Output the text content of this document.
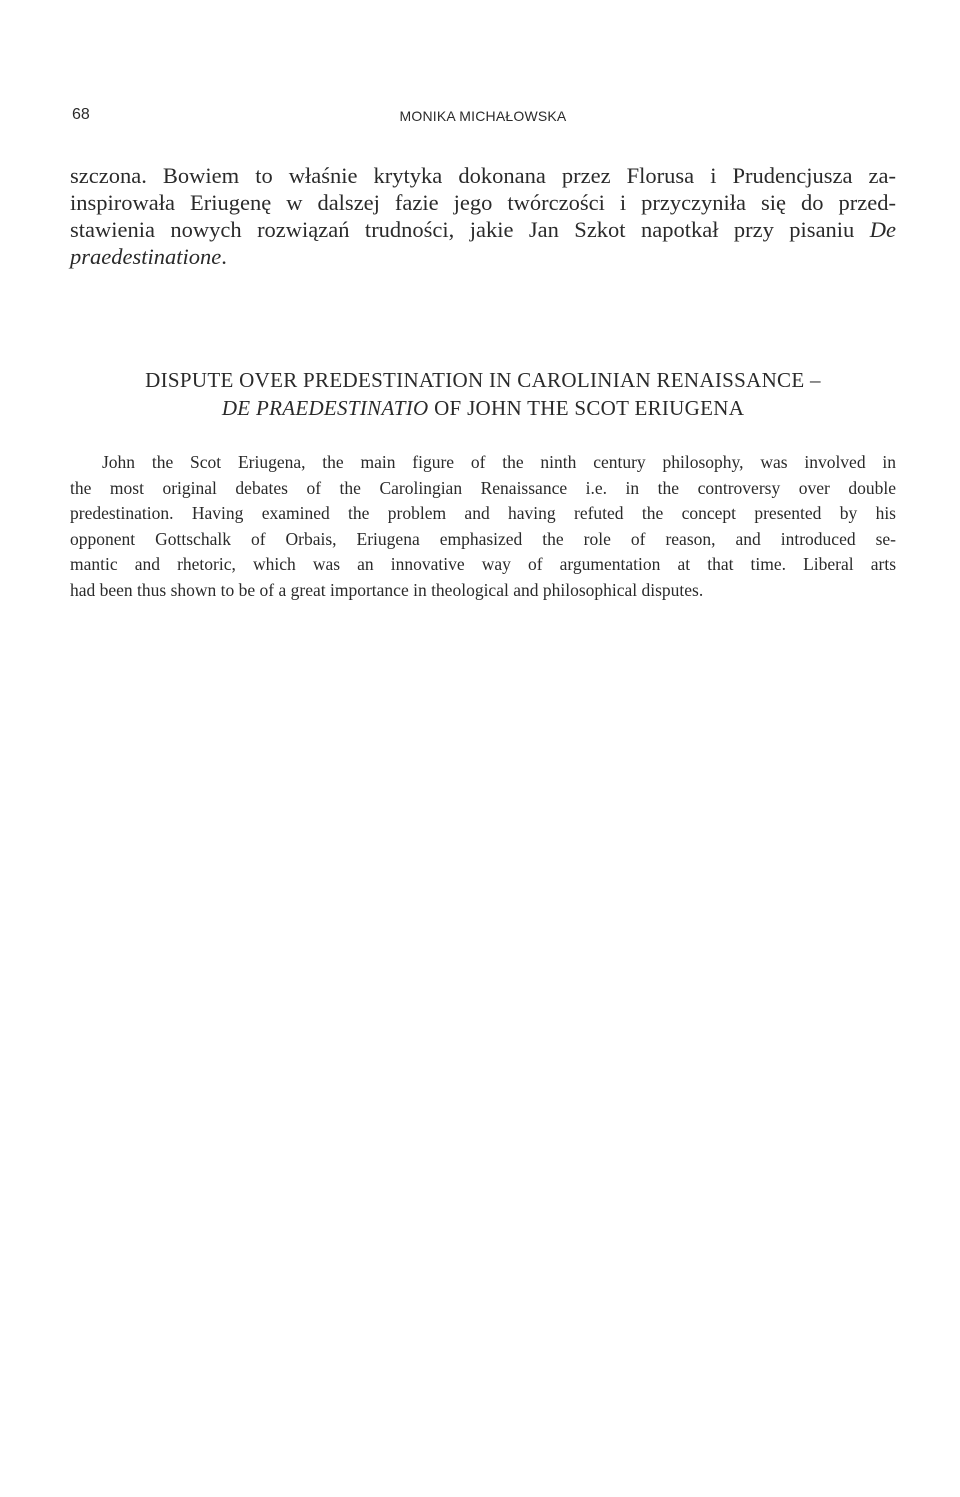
68	MONIKA MICHAŁOWSKA
szczona. Bowiem to właśnie krytyka dokonana przez Florusa i Prudencjusza za-
inspirowała Eriugenę w dalszej fazie jego twórczości i przyczyniła się do przed-
stawienia nowych rozwiązań trudności, jakie Jan Szkot napotkał przy pisaniu De
praedestinatione.
DISPUTE OVER PREDESTINATION IN CAROLINIAN RENAISSANCE –
DE PRAEDESTINATIO OF JOHN THE SCOT ERIUGENA
John the Scot Eriugena, the main figure of the ninth century philosophy, was involved in
the most original debates of the Carolingian Renaissance i.e. in the controversy over double
predestination. Having examined the problem and having refuted the concept presented by his
opponent Gottschalk of Orbais, Eriugena emphasized the role of reason, and introduced se-
mantic and rhetoric, which was an innovative way of argumentation at that time. Liberal arts
had been thus shown to be of a great importance in theological and philosophical disputes.
